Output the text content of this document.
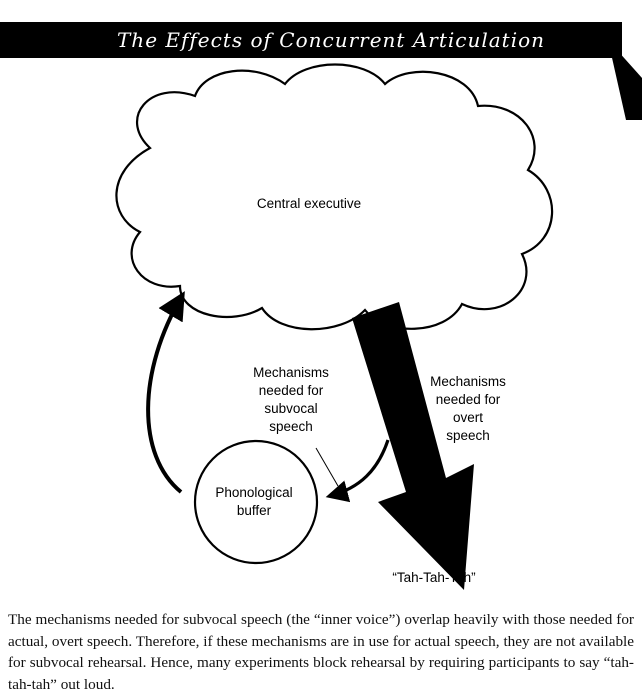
The Effects of Concurrent Articulation
FI
Central executive
Phonological
buffer
Mechanisms
needed for
subvocal
speech
Mechanisms
needed for
overt
speech
“Tah-Tah-Tah”

The mechanisms needed for subvocal speech (the “inner voice”) overlap heavily with those needed for actual, overt speech. Therefore, if these mechanisms are in use for actual speech, they are not available for subvocal rehearsal. Hence, many experiments block rehearsal by requiring participants to say “tah-tah-tah” out loud.
